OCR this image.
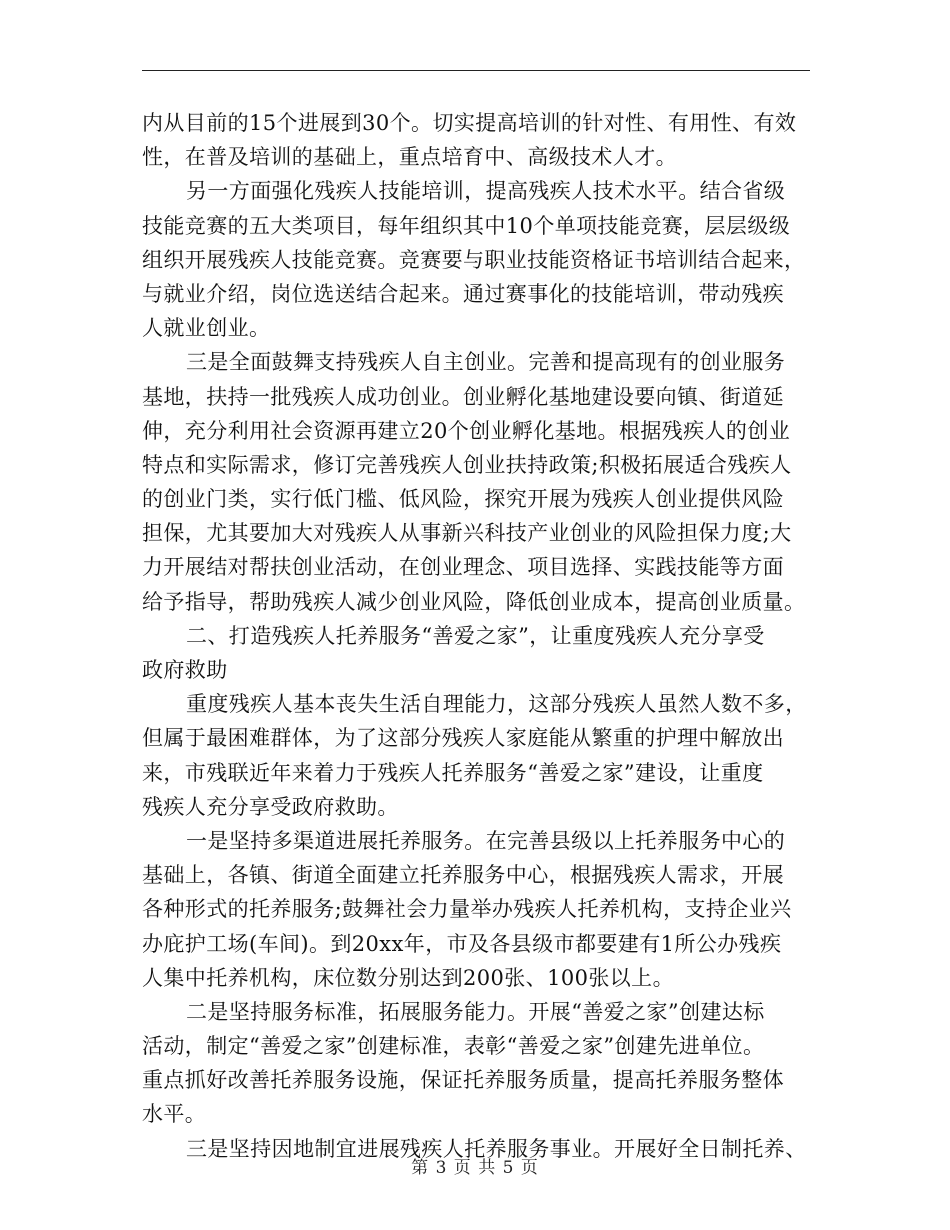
内从目前的15个进展到30个。切实提高培训的针对性、有用性、有效
性，在普及培训的基础上，重点培育中、高级技术人才。
另一方面强化残疾人技能培训，提高残疾人技术水平。结合省级
技能竞赛的五大类项目，每年组织其中10个单项技能竞赛，层层级级
组织开展残疾人技能竞赛。竞赛要与职业技能资格证书培训结合起来，
与就业介绍，岗位选送结合起来。通过赛事化的技能培训，带动残疾
人就业创业。
三是全面鼓舞支持残疾人自主创业。完善和提高现有的创业服务
基地，扶持一批残疾人成功创业。创业孵化基地建设要向镇、街道延
伸，充分利用社会资源再建立20个创业孵化基地。根据残疾人的创业
特点和实际需求，修订完善残疾人创业扶持政策;积极拓展适合残疾人
的创业门类，实行低门槛、低风险，探究开展为残疾人创业提供风险
担保，尤其要加大对残疾人从事新兴科技产业创业的风险担保力度;大
力开展结对帮扶创业活动，在创业理念、项目选择、实践技能等方面
给予指导，帮助残疾人减少创业风险，降低创业成本，提高创业质量。
二、打造残疾人托养服务“善爱之家”，让重度残疾人充分享受
政府救助
重度残疾人基本丧失生活自理能力，这部分残疾人虽然人数不多，
但属于最困难群体，为了这部分残疾人家庭能从繁重的护理中解放出
来，市残联近年来着力于残疾人托养服务“善爱之家”建设，让重度
残疾人充分享受政府救助。
一是坚持多渠道进展托养服务。在完善县级以上托养服务中心的
基础上，各镇、街道全面建立托养服务中心，根据残疾人需求，开展
各种形式的托养服务;鼓舞社会力量举办残疾人托养机构，支持企业兴
办庇护工场(车间)。到20xx年，市及各县级市都要建有1所公办残疾
人集中托养机构，床位数分别达到200张、100张以上。
二是坚持服务标准，拓展服务能力。开展“善爱之家”创建达标
活动，制定“善爱之家”创建标准，表彰“善爱之家”创建先进单位。
重点抓好改善托养服务设施，保证托养服务质量，提高托养服务整体
水平。
三是坚持因地制宜进展残疾人托养服务事业。开展好全日制托养、
第 3 页 共 5 页
